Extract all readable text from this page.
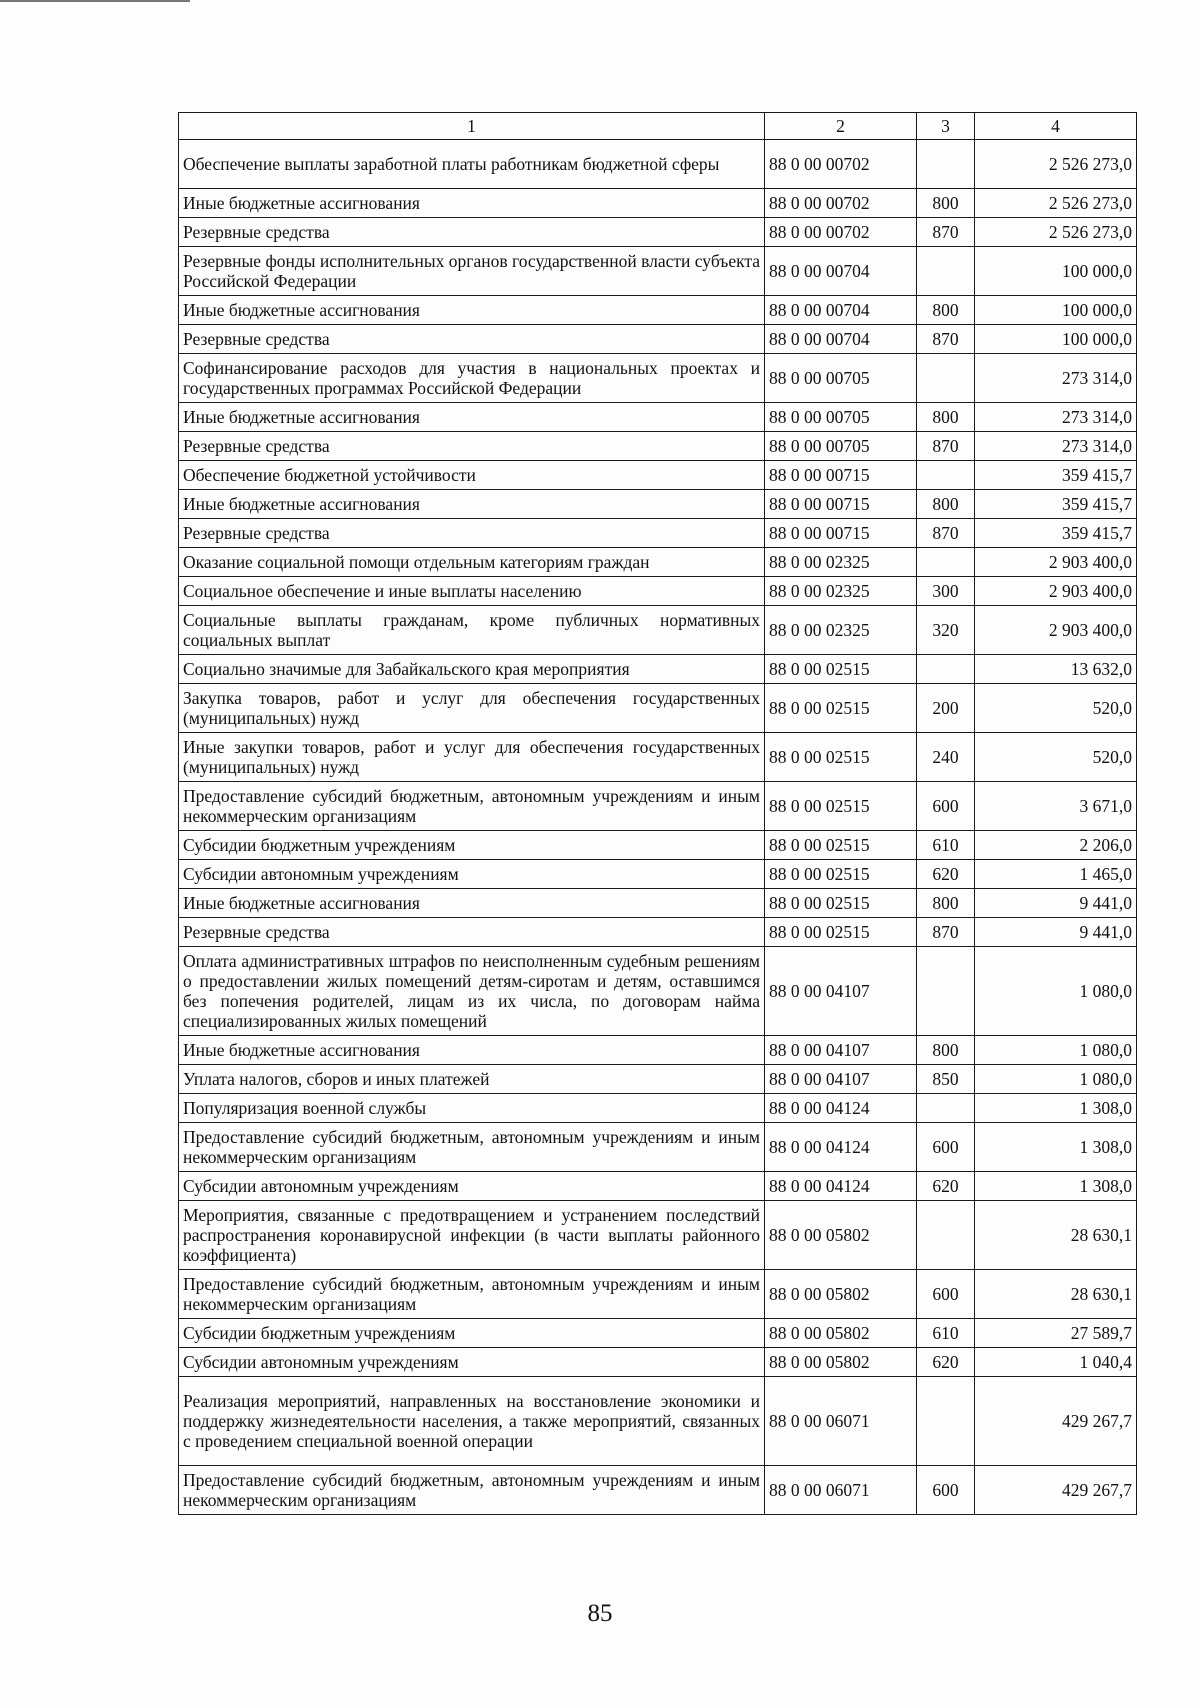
1	2	3	4
Обеспечение выплаты заработной платы работникам бюджетной сферы	88 0 00 00702		2 526 273,0
Иные бюджетные ассигнования	88 0 00 00702	800	2 526 273,0
Резервные средства	88 0 00 00702	870	2 526 273,0
Резервные фонды исполнительных органов государственной власти субъекта Российской Федерации	88 0 00 00704		100 000,0
Иные бюджетные ассигнования	88 0 00 00704	800	100 000,0
Резервные средства	88 0 00 00704	870	100 000,0
Софинансирование расходов для участия в национальных проектах и государственных программах Российской Федерации	88 0 00 00705		273 314,0
Иные бюджетные ассигнования	88 0 00 00705	800	273 314,0
Резервные средства	88 0 00 00705	870	273 314,0
Обеспечение бюджетной устойчивости	88 0 00 00715		359 415,7
Иные бюджетные ассигнования	88 0 00 00715	800	359 415,7
Резервные средства	88 0 00 00715	870	359 415,7
Оказание социальной помощи отдельным категориям граждан	88 0 00 02325		2 903 400,0
Социальное обеспечение и иные выплаты населению	88 0 00 02325	300	2 903 400,0
Социальные выплаты гражданам, кроме публичных нормативных социальных выплат	88 0 00 02325	320	2 903 400,0
Социально значимые для Забайкальского края мероприятия	88 0 00 02515		13 632,0
Закупка товаров, работ и услуг для обеспечения государственных (муниципальных) нужд	88 0 00 02515	200	520,0
Иные закупки товаров, работ и услуг для обеспечения государственных (муниципальных) нужд	88 0 00 02515	240	520,0
Предоставление субсидий бюджетным, автономным учреждениям и иным некоммерческим организациям	88 0 00 02515	600	3 671,0
Субсидии бюджетным учреждениям	88 0 00 02515	610	2 206,0
Субсидии автономным учреждениям	88 0 00 02515	620	1 465,0
Иные бюджетные ассигнования	88 0 00 02515	800	9 441,0
Резервные средства	88 0 00 02515	870	9 441,0
Оплата административных штрафов по неисполненным судебным решениям о предоставлении жилых помещений детям-сиротам и детям, оставшимся без попечения родителей, лицам из их числа, по договорам найма специализированных жилых помещений	88 0 00 04107		1 080,0
Иные бюджетные ассигнования	88 0 00 04107	800	1 080,0
Уплата налогов, сборов и иных платежей	88 0 00 04107	850	1 080,0
Популяризация военной службы	88 0 00 04124		1 308,0
Предоставление субсидий бюджетным, автономным учреждениям и иным некоммерческим организациям	88 0 00 04124	600	1 308,0
Субсидии автономным учреждениям	88 0 00 04124	620	1 308,0
Мероприятия, связанные с предотвращением и устранением последствий распространения коронавирусной инфекции (в части выплаты районного коэффициента)	88 0 00 05802		28 630,1
Предоставление субсидий бюджетным, автономным учреждениям и иным некоммерческим организациям	88 0 00 05802	600	28 630,1
Субсидии бюджетным учреждениям	88 0 00 05802	610	27 589,7
Субсидии автономным учреждениям	88 0 00 05802	620	1 040,4
Реализация мероприятий, направленных на восстановление экономики и поддержку жизнедеятельности населения, а также мероприятий, связанных с проведением специальной военной операции	88 0 00 06071		429 267,7
Предоставление субсидий бюджетным, автономным учреждениям и иным некоммерческим организациям	88 0 00 06071	600	429 267,7
85
